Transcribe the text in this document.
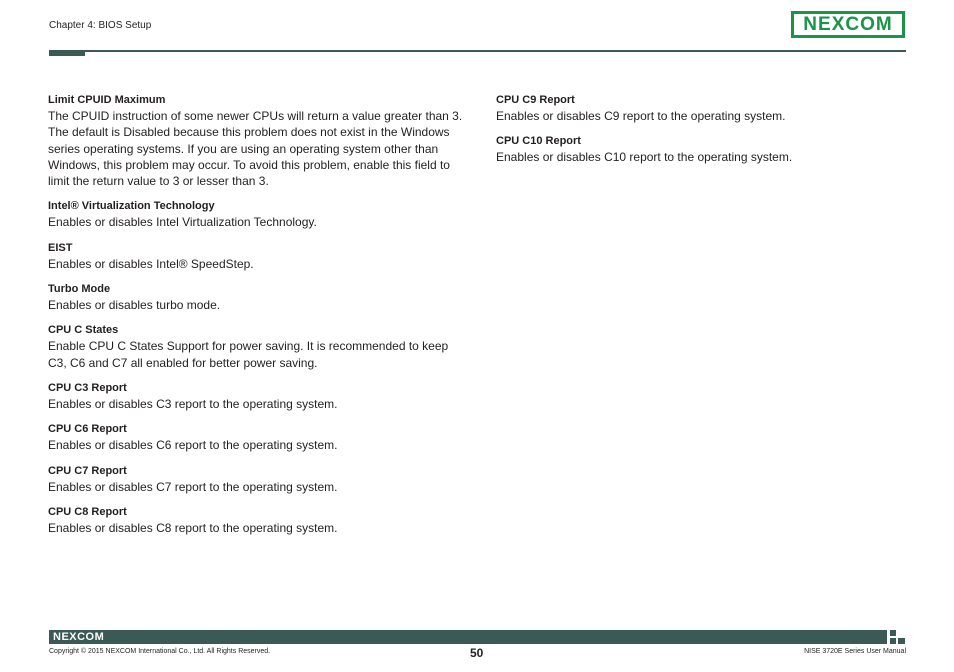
Chapter 4: BIOS Setup	NEXCOM
Limit CPUID Maximum

The CPUID instruction of some newer CPUs will return a value greater than 3. The default is Disabled because this problem does not exist in the Windows series operating systems. If you are using an operating system other than Windows, this problem may occur. To avoid this problem, enable this field to limit the return value to 3 or lesser than 3.

Intel® Virtualization Technology

Enables or disables Intel Virtualization Technology.

EIST

Enables or disables Intel® SpeedStep.

Turbo Mode

Enables or disables turbo mode.

CPU C States

Enable CPU C States Support for power saving. It is recommended to keep C3, C6 and C7 all enabled for better power saving.

CPU C3 Report

Enables or disables C3 report to the operating system.

CPU C6 Report

Enables or disables C6 report to the operating system.

CPU C7 Report

Enables or disables C7 report to the operating system.

CPU C8 Report

Enables or disables C8 report to the operating system.

CPU C9 Report

Enables or disables C9 report to the operating system.

CPU C10 Report

Enables or disables C10 report to the operating system.

NEXCOM
Copyright © 2015 NEXCOM International Co., Ltd. All Rights Reserved.	50	NISE 3720E Series User Manual
